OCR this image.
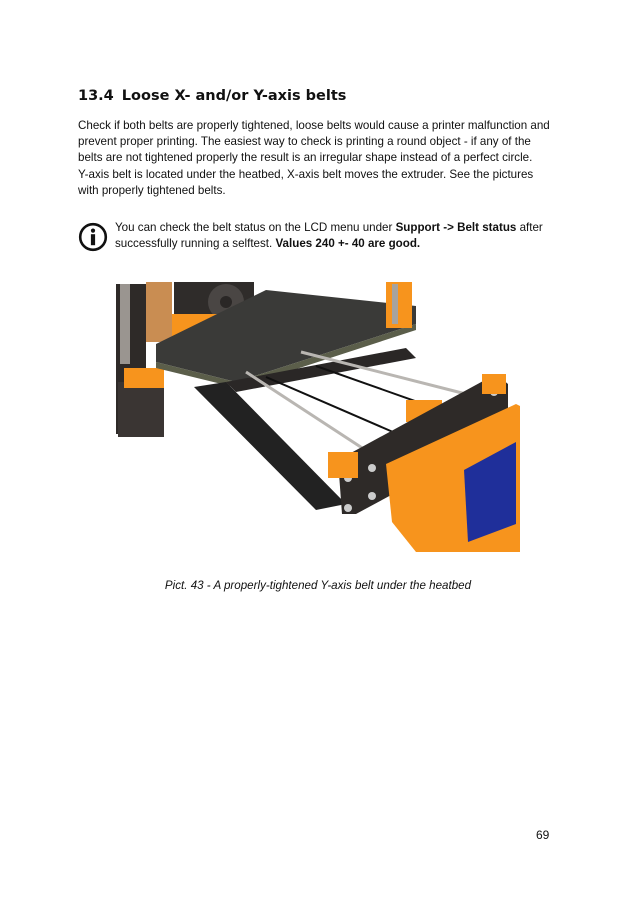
13.4 Loose X- and/or Y-axis belts

Check if both belts are properly tightened, loose belts would cause a printer malfunction and
prevent proper printing. The easiest way to check is printing a round object - if any of the
belts are not tightened properly the result is an irregular shape instead of a perfect circle.
Y-axis belt is located under the heatbed, X-axis belt moves the extruder. See the pictures
with properly tightened belts.

You can check the belt status on the LCD menu under Support -> Belt status after
successfully running a selftest. Values 240 +- 40 are good.

Pict. 43 - A properly-tightened Y-axis belt under the heatbed

69
